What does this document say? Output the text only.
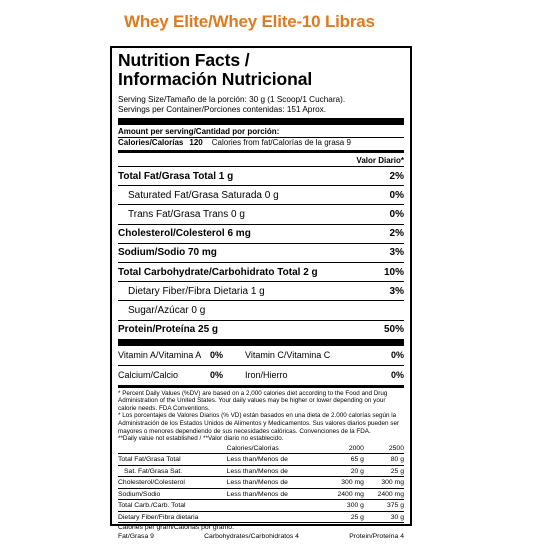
Whey Elite/Whey Elite-10 Libras
Nutrition Facts /
Información Nutricional
Serving Size/Tamaño de la porción: 30 g (1 Scoop/1 Cuchara).
Servings per Container/Porciones contenidas: 151 Aprox.
Amount per serving/Cantidad por porción:
Calories/Calorías 120 Calories from fat/Calorías de la grasa 9
Valor Diario*
Total Fat/Grasa Total 1 g	2%
Saturated Fat/Grasa Saturada 0 g	0%
Trans Fat/Grasa Trans 0 g	0%
Cholesterol/Colesterol 6 mg	2%
Sodium/Sodio 70 mg	3%
Total Carbohydrate/Carbohidrato Total 2 g	10%
Dietary Fiber/Fibra Dietaria 1 g	3%
Sugar/Azúcar 0 g
Protein/Proteína 25 g	50%
Vitamin A/Vitamina A 0%	Vitamin C/Vitamina C	0%
Calcium/Calcio	0%	Iron/Hierro	0%

* Percent Daily Values (%DV) are based on a 2,000 calories diet according to the Food and Drug Administration of the United States. Your daily values may be higher or lower depending on your calorie needs. FDA Conventions.

* Los porcentajes de Valores Diarios (% VD) están basados en una dieta de 2.000 calorías según la Administración de los Estados Unidos de Alimentos y Medicamentos. Sus valores diarios pueden ser mayores o menores dependiendo de sus necesidades calóricas. Convenciones de la FDA.

**Daily value not established / **Valor diario no establecido.

	Calories/Calorías	2000	2500
Total Fat/Grasa Total	Less than/Menos de	65 g	80 g
Sat. Fat/Grasa Sat.	Less than/Menos de	20 g	25 g
Cholesterol/Colesterol	Less than/Menos de	300 mg	300 mg
Sodium/Sodio	Less than/Menos de	2400 mg	2400 mg
Total Carb./Carb. Total		300 g	375 g
Dietary Fiber/Fibra dietaria		25 g	30 g
Calories per gram/Calorías por gramo:
Fat/Grasa 9	Carbohydrates/Carbohidratos 4	Protein/Proteína 4
